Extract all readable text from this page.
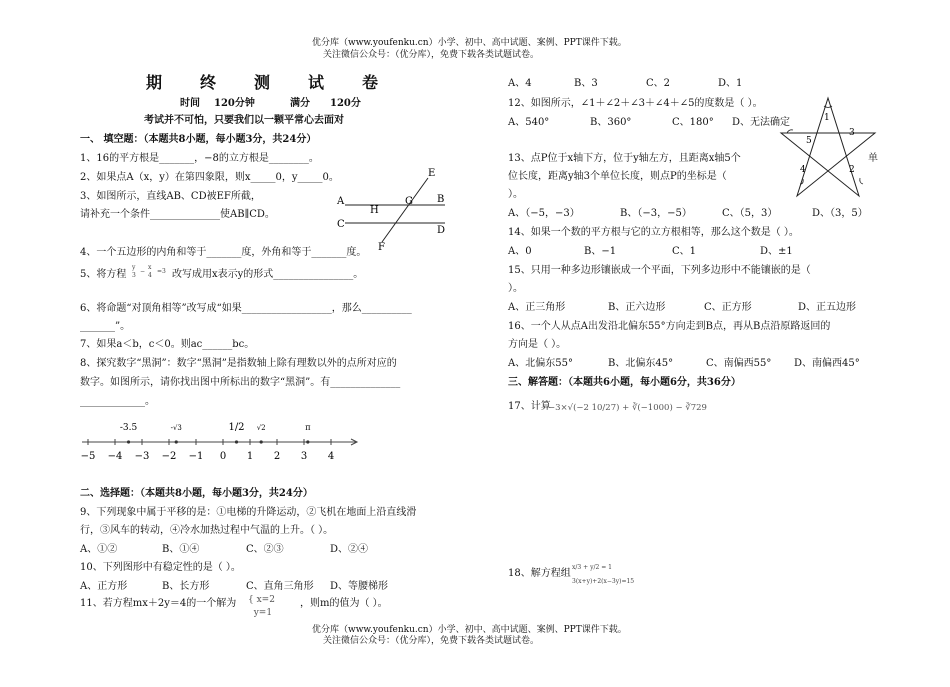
优分库（www.youfenku.cn）小学、初中、高中试题、案例、PPT课件下载。
关注微信公众号：（优分库），免费下载各类试题试卷。
期终测试卷
时间 120分钟	满分 120分
考试并不可怕，只要我们以一颗平常心去面对
一、 填空题：（本题共8小题，每小题3分，共24分）
1、16的平方根是_______，−8的立方根是________。
2、如果点A（x，y）在第四象限，则x_____0，y_____0。
3、如图所示，直线AB、CD被EF所截，
请补充一个条件______________使AB∥CD。
4、一个五边形的内角和等于_______度，外角和等于_______度。
5、将方程
y
3
−
x
4
=3 改写成用x表示y的形式________________。
6、将命题“对顶角相等”改写成“如果__________________，那么__________
_______”。
7、如果a＜b，c＜0。则ac______bc。
8、探究数字“黑洞”：数字“黑洞”是指数轴上除有理数以外的点所对应的
数字。如图所示，请你找出图中所标出的数字“黑洞”。有______________
_____________。
E
A	G B
H
C
D
F
−5 −4 −3 −2 −1 0 1 2 3 4
-3.5	-√3	1/2 √2	π
二、选择题：（本题共8小题，每小题3分，共24分）
9、下列现象中属于平移的是：①电梯的升降运动，②飞机在地面上沿直线滑
行，③风车的转动，④冷水加热过程中气温的上升。（ ）。
A、①②	B、①④	C、②③	D、②④
10、下列图形中有稳定性的是（ ）。
A、正方形	B、长方形	C、直角三角形 D、等腰梯形
11、若方程mx＋2y＝4的一个解为 { x=2
y=1
，则m的值为（ ）。
A、4	B、3	C、2	D、1
12、如图所示，∠1＋∠2＋∠3＋∠4＋∠5的度数是（ ）。
A、540°	B、360°	C、180° D、无法确定	1
2
3
4
5
13、点P位于x轴下方，位于y轴左方，且距离x轴5个	单
位长度，距离y轴3个单位长度，则点P的坐标是（
）。
A、（−5，−3）	B、（−3，−5）	C、（5，3）	D、（3，5）
14、如果一个数的平方根与它的立方根相等，那么这个数是（ ）。
A、0	B、−1	C、1	D、±1
15、只用一种多边形镶嵌成一个平面，下列多边形中不能镶嵌的是（
）。
A、正三角形	B、正六边形	C、正方形	D、正五边形
16、一个人从点A出发沿北偏东55°方向走到B点，再从B点沿原路返回的
方向是（ ）。
A、北偏东55°	B、北偏东45°	C、南偏西55° D、南偏西45°
三、解答题：（本题共6小题，每小题6分，共36分）
17、计算
−3×√(−2 10/27) + ∛(−1000) − ∛729
18、解方程组
x/3 + y/2 = 1
3(x+y)+2(x−3y)=15
优分库（www.youfenku.cn）小学、初中、高中试题、案例、PPT课件下载。
关注微信公众号：（优分库），免费下载各类试题试卷。
